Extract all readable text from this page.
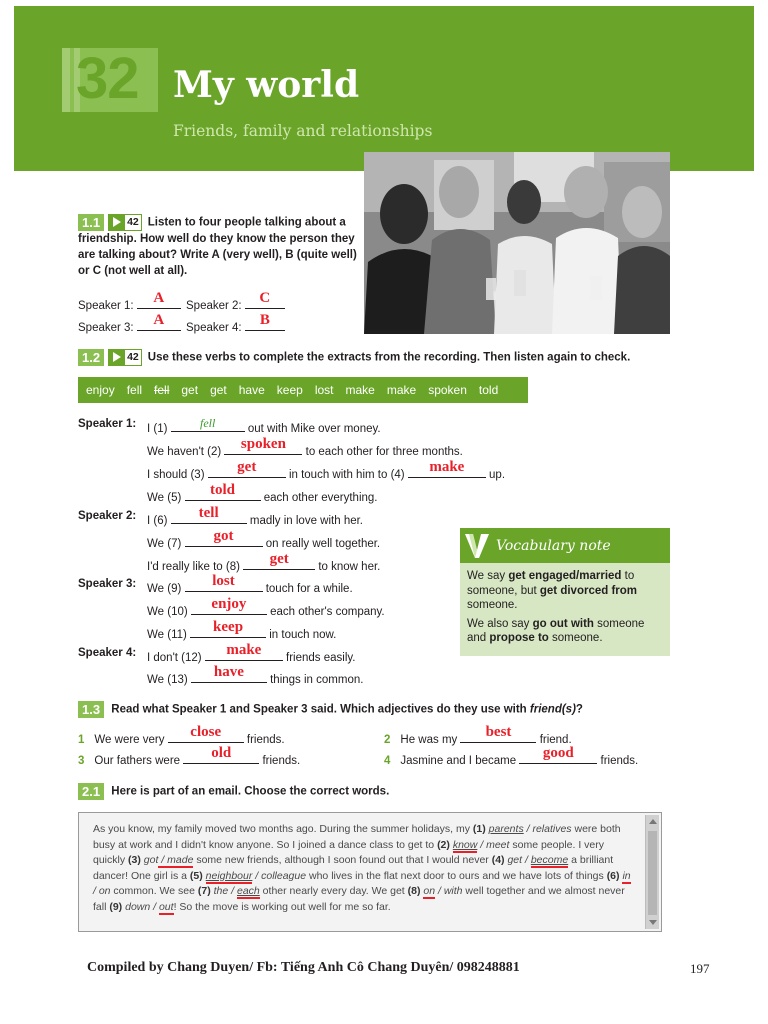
32 My world
Friends, family and relationships
1.1	42 Listen to four people talking about a friendship. How well do they know the person they are talking about? Write A (very well), B (quite well) or C (not well at all).
Speaker 1:	A	Speaker 2:	C
Speaker 3:	A	Speaker 4:	B
1.2	42 Use these verbs to complete the extracts from the recording. Then listen again to check.
enjoy fell fell get get have keep lost make make spoken told
Speaker 1: I (1)	fell	out with Mike over money.
We haven't (2)	spoken	to each other for three months.
I should (3)	get	in touch with him to (4)	make	up.
We (5)	told	each other everything.
Speaker 2: I (6)	tell	madly in love with her.
We (7)	got	on really well together.
I'd really like to (8)	get	to know her.
Speaker 3: We (9)	lost	touch for a while.
We (10)	enjoy	each other's company.
We (11)	keep	in touch now.
Speaker 4: I don't (12)	make	friends easily.
We (13)	have	things in common.
Vocabulary note

We say get engaged/married to someone, but get divorced from someone.

We also say go out with someone and propose to someone.

1.3 Read what Speaker 1 and Speaker 3 said. Which adjectives do they use with friend(s)?
1 We were very	close	friends.	2 He was my	best	friend.
3 Our fathers were	old	friends.	4 Jasmine and I became	good	friends.
2.1 Here is part of an email. Choose the correct words.
As you know, my family moved two months ago. During the summer holidays, my (1) parents / relatives were both busy at work and I didn't know anyone. So I joined a dance class to get to (2) know / meet some people. I very quickly (3) got / made some new friends, although I soon found out that I would never (4) get / become a brilliant dancer! One girl is a (5) neighbour / colleague who lives in the flat next door to ours and we have lots of things (6) in / on common. We see (7) the / each other nearly every day. We get (8) on / with well together and we almost never fall (9) down / out! So the move is working out well for me so far.
Compiled by Chang Duyen/ Fb: Tiếng Anh Cô Chang Duyên/ 098248881	197
